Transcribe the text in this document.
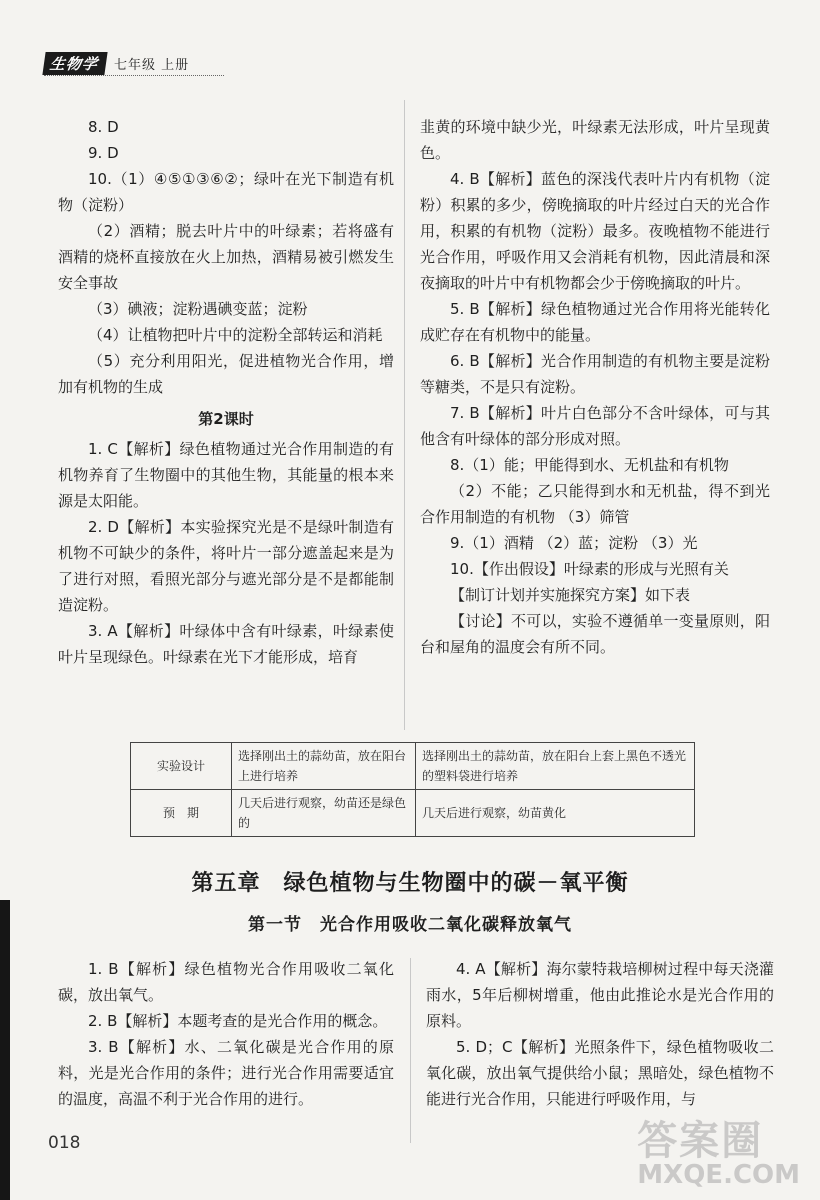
生物学	七年级 上册

8. D

9. D

10.（1）④⑤①③⑥②；绿叶在光下制造有机物（淀粉）

（2）酒精；脱去叶片中的叶绿素；若将盛有酒精的烧杯直接放在火上加热，酒精易被引燃发生安全事故

（3）碘液；淀粉遇碘变蓝；淀粉

（4）让植物把叶片中的淀粉全部转运和消耗

（5）充分利用阳光，促进植物光合作用，增加有机物的生成

第2课时

1. C【解析】绿色植物通过光合作用制造的有机物养育了生物圈中的其他生物，其能量的根本来源是太阳能。

2. D【解析】本实验探究光是不是绿叶制造有机物不可缺少的条件，将叶片一部分遮盖起来是为了进行对照，看照光部分与遮光部分是不是都能制造淀粉。

3. A【解析】叶绿体中含有叶绿素，叶绿素使叶片呈现绿色。叶绿素在光下才能形成，培育

韭黄的环境中缺少光，叶绿素无法形成，叶片呈现黄色。

4. B【解析】蓝色的深浅代表叶片内有机物（淀粉）积累的多少，傍晚摘取的叶片经过白天的光合作用，积累的有机物（淀粉）最多。夜晚植物不能进行光合作用，呼吸作用又会消耗有机物，因此清晨和深夜摘取的叶片中有机物都会少于傍晚摘取的叶片。

5. B【解析】绿色植物通过光合作用将光能转化成贮存在有机物中的能量。

6. B【解析】光合作用制造的有机物主要是淀粉等糖类，不是只有淀粉。

7. B【解析】叶片白色部分不含叶绿体，可与其他含有叶绿体的部分形成对照。

8.（1）能；甲能得到水、无机盐和有机物

（2）不能；乙只能得到水和无机盐，得不到光合作用制造的有机物 （3）筛管

9.（1）酒精 （2）蓝；淀粉 （3）光

10.【作出假设】叶绿素的形成与光照有关

【制订计划并实施探究方案】如下表

【讨论】不可以，实验不遵循单一变量原则，阳台和屋角的温度会有所不同。

实验设计	选择刚出土的蒜幼苗，放在阳台上进行培养	选择刚出土的蒜幼苗，放在阳台上套上黑色不透光的塑料袋进行培养
预　期	几天后进行观察，幼苗还是绿色的	几天后进行观察，幼苗黄化
第五章　绿色植物与生物圈中的碳－氧平衡
第一节　光合作用吸收二氧化碳释放氧气

1. B【解析】绿色植物光合作用吸收二氧化碳，放出氧气。

2. B【解析】本题考查的是光合作用的概念。

3. B【解析】水、二氧化碳是光合作用的原料，光是光合作用的条件；进行光合作用需要适宜的温度，高温不利于光合作用的进行。

4. A【解析】海尔蒙特栽培柳树过程中每天浇灌雨水，5年后柳树增重，他由此推论水是光合作用的原料。

5. D；C【解析】光照条件下，绿色植物吸收二氧化碳，放出氧气提供给小鼠；黑暗处，绿色植物不能进行光合作用，只能进行呼吸作用，与

018	答案圈
MXQE.COM
